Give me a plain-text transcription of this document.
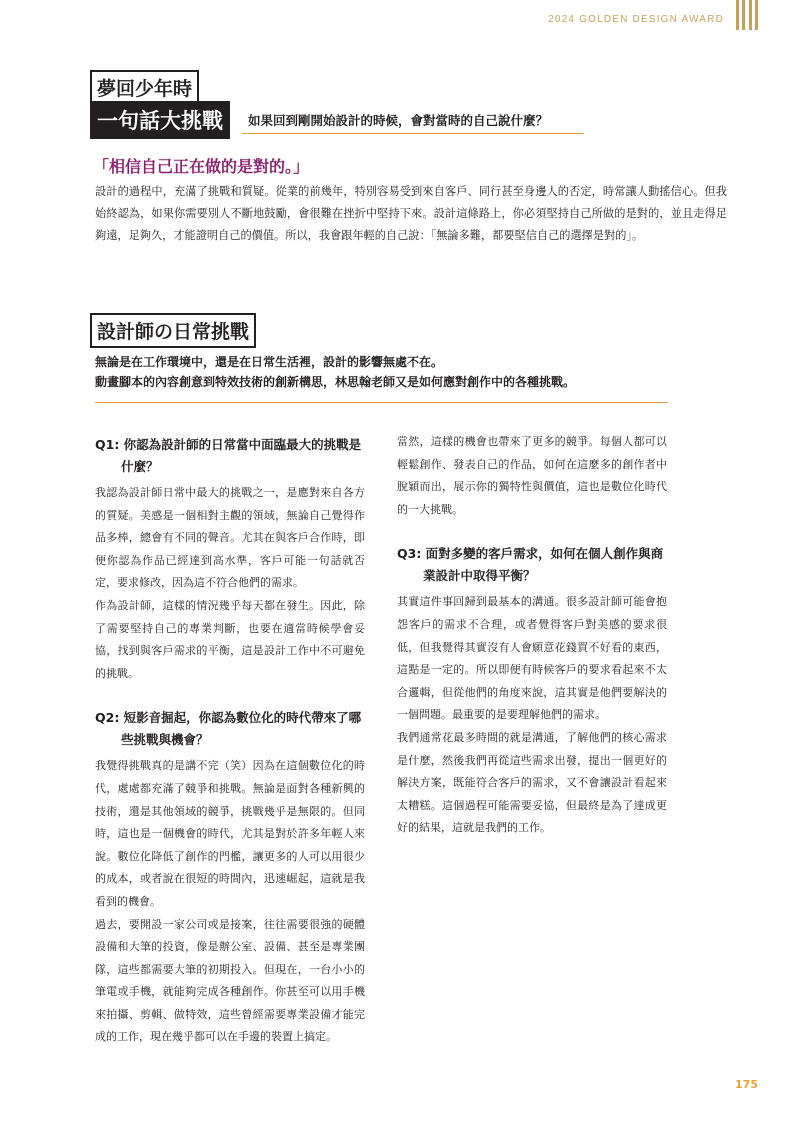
2024 GOLDEN DESIGN AWARD
夢回少年時
一句話大挑戰	如果回到剛開始設計的時候，會對當時的自己說什麼？
「相信自己正在做的是對的。」

設計的過程中，充滿了挑戰和質疑。從業的前幾年，特別容易受到來自客戶、同行甚至身邊人的否定，時常讓人動搖信心。但我始終認為，如果你需要別人不斷地鼓勵，會很難在挫折中堅持下來。設計這條路上，你必須堅持自己所做的是對的，並且走得足夠遠，足夠久，才能證明自己的價值。所以，我會跟年輕的自己說：「無論多難，都要堅信自己的選擇是對的」。

設計師の日常挑戰
無論是在工作環境中，還是在日常生活裡，設計的影響無處不在。
動畫腳本的內容創意到特效技術的創新構思，林思翰老師又是如何應對創作中的各種挑戰。
Q1: 你認為設計師的日常當中面臨最大的挑戰是什麼？

我認為設計師日常中最大的挑戰之一，是應對來自各方的質疑。美感是一個相對主觀的領域，無論自己覺得作品多棒，總會有不同的聲音。尤其在與客戶合作時，即便你認為作品已經達到高水準，客戶可能一句話就否定，要求修改，因為這不符合他們的需求。

作為設計師，這樣的情況幾乎每天都在發生。因此，除了需要堅持自己的專業判斷，也要在適當時候學會妥協，找到與客戶需求的平衡，這是設計工作中不可避免的挑戰。

Q2: 短影音掘起，你認為數位化的時代帶來了哪些挑戰與機會？

我覺得挑戰真的是講不完（笑）因為在這個數位化的時代，處處都充滿了競爭和挑戰。無論是面對各種新興的技術，還是其他領域的競爭，挑戰幾乎是無限的。但同時，這也是一個機會的時代，尤其是對於許多年輕人來說。數位化降低了創作的門檻，讓更多的人可以用很少的成本，或者說在很短的時間內，迅速崛起，這就是我看到的機會。

過去，要開設一家公司或是接案，往往需要很強的硬體設備和大筆的投資，像是辦公室、設備、甚至是專業團隊，這些都需要大筆的初期投入。但現在，一台小小的筆電或手機，就能夠完成各種創作。你甚至可以用手機來拍攝、剪輯、做特效，這些曾經需要專業設備才能完成的工作，現在幾乎都可以在手邊的裝置上搞定。

當然，這樣的機會也帶來了更多的競爭。每個人都可以輕鬆創作、發表自己的作品，如何在這麼多的創作者中脫穎而出，展示你的獨特性與價值，這也是數位化時代的一大挑戰。

Q3: 面對多變的客戶需求，如何在個人創作與商業設計中取得平衡？

其實這件事回歸到最基本的溝通。很多設計師可能會抱怨客戶的需求不合理，或者覺得客戶對美感的要求很低，但我覺得其實沒有人會願意花錢買不好看的東西，這點是一定的。所以即便有時候客戶的要求看起來不太合邏輯，但從他們的角度來說，這其實是他們要解決的一個問題。最重要的是要理解他們的需求。

我們通常花最多時間的就是溝通，了解他們的核心需求是什麼，然後我們再從這些需求出發，提出一個更好的解決方案，既能符合客戶的需求，又不會讓設計看起來太糟糕。這個過程可能需要妥協，但最終是為了達成更好的結果，這就是我們的工作。

175
